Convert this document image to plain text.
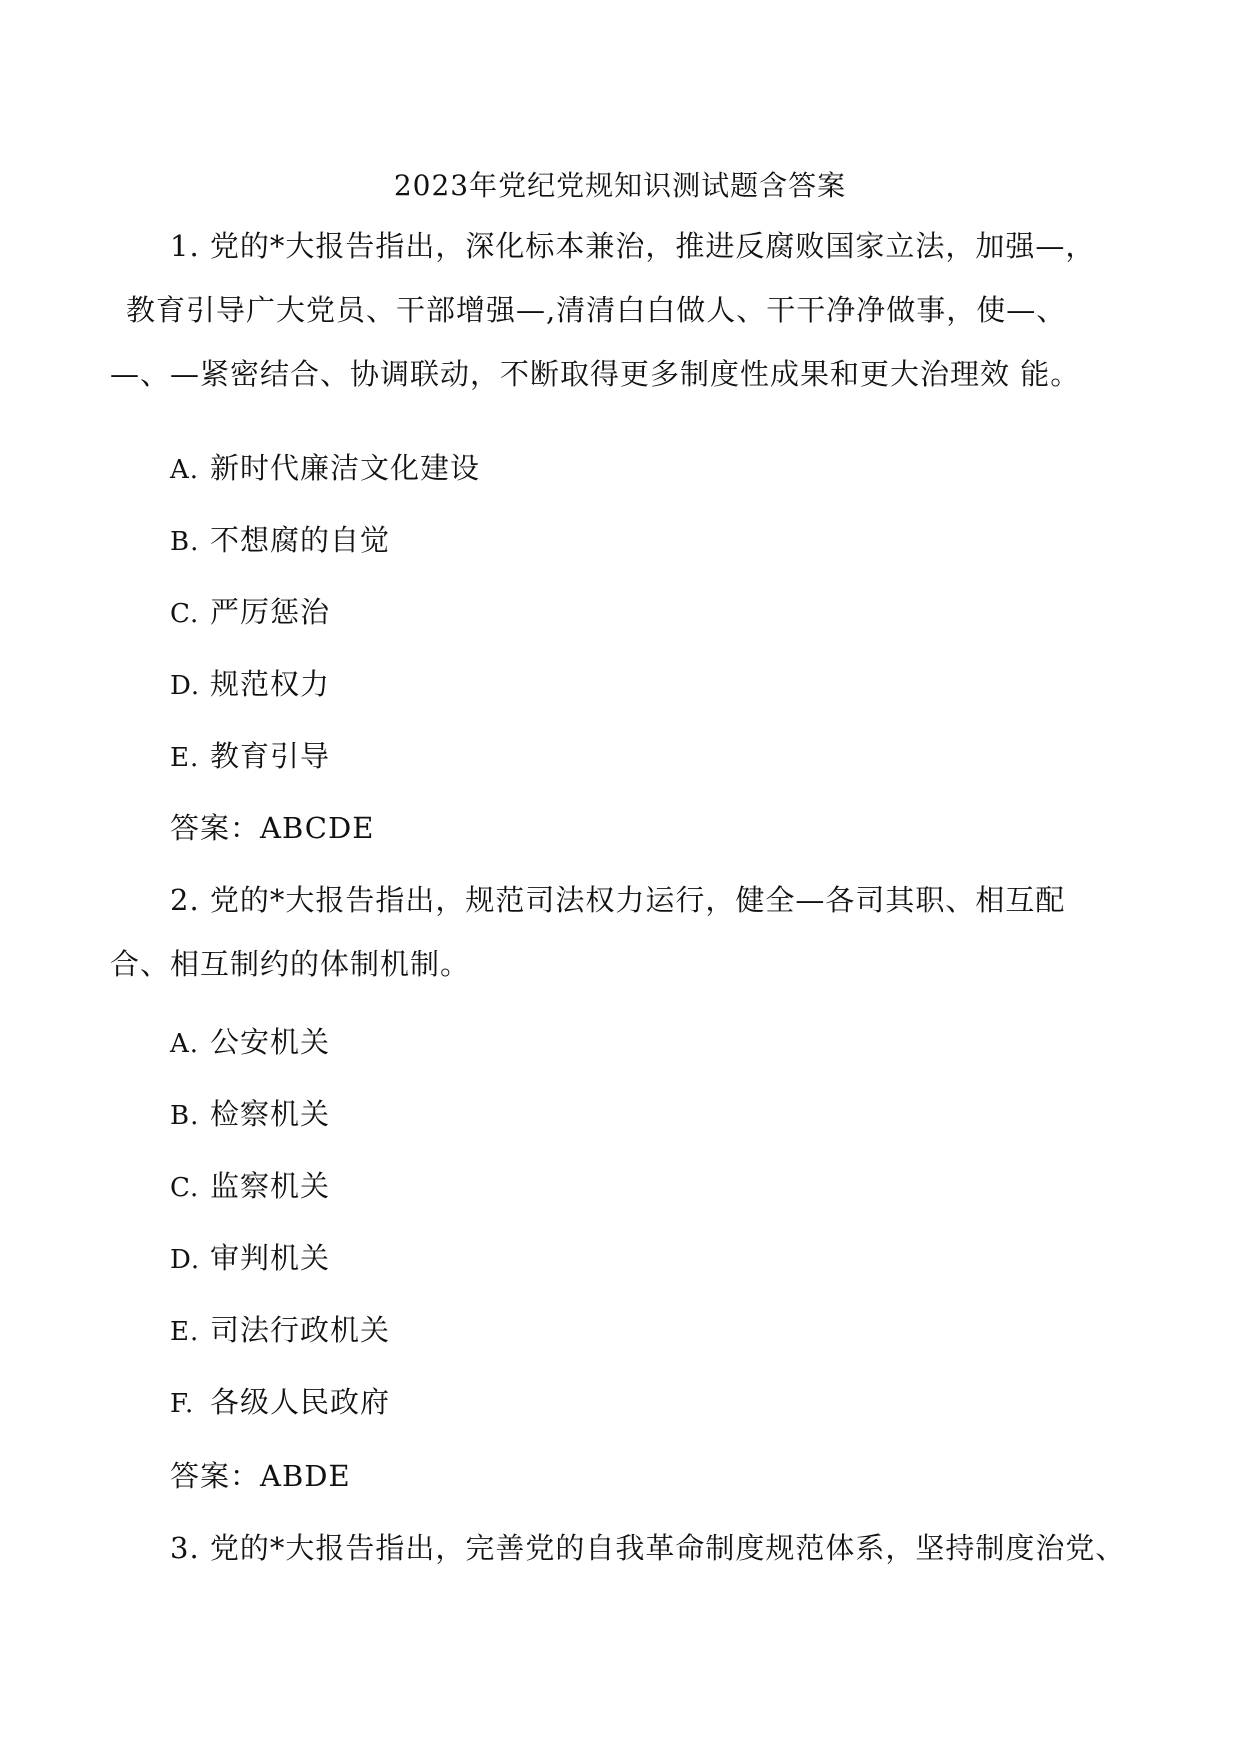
2023年党纪党规知识测试题含答案
1. 党的*大报告指出，深化标本兼治，推进反腐败国家立法，加强—，
教育引导广大党员、干部增强—,清清白白做人、干干净净做事，使—、
—、—紧密结合、协调联动，不断取得更多制度性成果和更大治理效 能。
A. 新时代廉洁文化建设
B. 不想腐的自觉
C. 严厉惩治
D. 规范权力
E. 教育引导
答案：ABCDE
2. 党的*大报告指出，规范司法权力运行，健全—各司其职、相互配
合、相互制约的体制机制。
A. 公安机关
B. 检察机关
C. 监察机关
D. 审判机关
E. 司法行政机关
F. 各级人民政府
答案：ABDE
3. 党的*大报告指出，完善党的自我革命制度规范体系，坚持制度治党、
